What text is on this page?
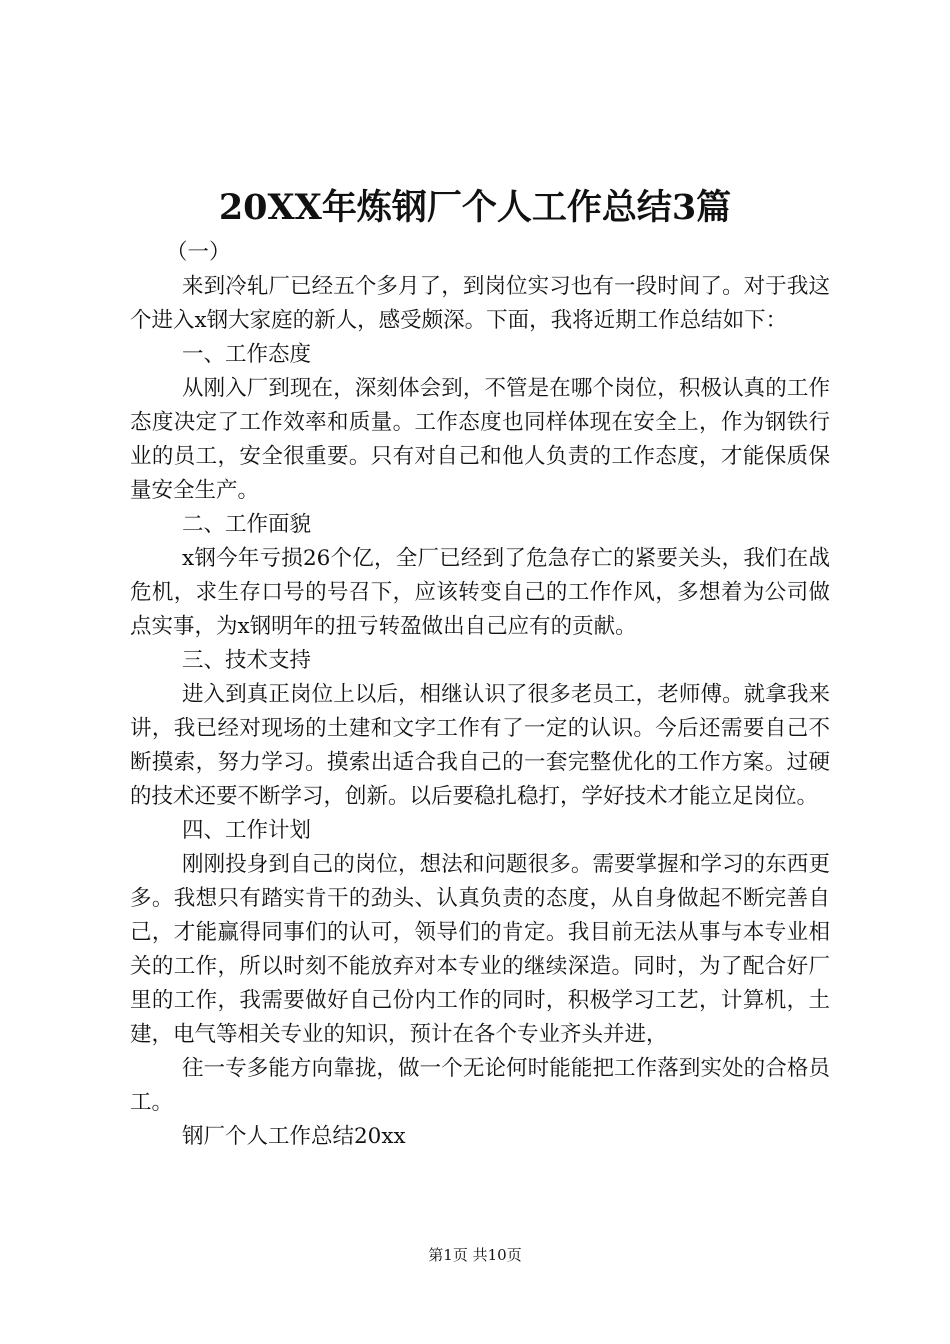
20XX年炼钢厂个人工作总结3篇

（一）

来到冷轧厂已经五个多月了，到岗位实习也有一段时间了。对于我这个进入x钢大家庭的新人，感受颇深。下面，我将近期工作总结如下：

一、工作态度

从刚入厂到现在，深刻体会到，不管是在哪个岗位，积极认真的工作态度决定了工作效率和质量。工作态度也同样体现在安全上，作为钢铁行业的员工，安全很重要。只有对自己和他人负责的工作态度，才能保质保量安全生产。

二、工作面貌

x钢今年亏损26个亿，全厂已经到了危急存亡的紧要关头，我们在战危机，求生存口号的号召下，应该转变自己的工作作风，多想着为公司做点实事，为x钢明年的扭亏转盈做出自己应有的贡献。

三、技术支持

进入到真正岗位上以后，相继认识了很多老员工，老师傅。就拿我来讲，我已经对现场的土建和文字工作有了一定的认识。今后还需要自己不断摸索，努力学习。摸索出适合我自己的一套完整优化的工作方案。过硬的技术还要不断学习，创新。以后要稳扎稳打，学好技术才能立足岗位。

四、工作计划

刚刚投身到自己的岗位，想法和问题很多。需要掌握和学习的东西更多。我想只有踏实肯干的劲头、认真负责的态度，从自身做起不断完善自己，才能赢得同事们的认可，领导们的肯定。我目前无法从事与本专业相关的工作，所以时刻不能放弃对本专业的继续深造。同时，为了配合好厂里的工作，我需要做好自己份内工作的同时，积极学习工艺，计算机，土建，电气等相关专业的知识，预计在各个专业齐头并进，

往一专多能方向靠拢，做一个无论何时能能把工作落到实处的合格员工。

钢厂个人工作总结20xx

第1页 共10页
